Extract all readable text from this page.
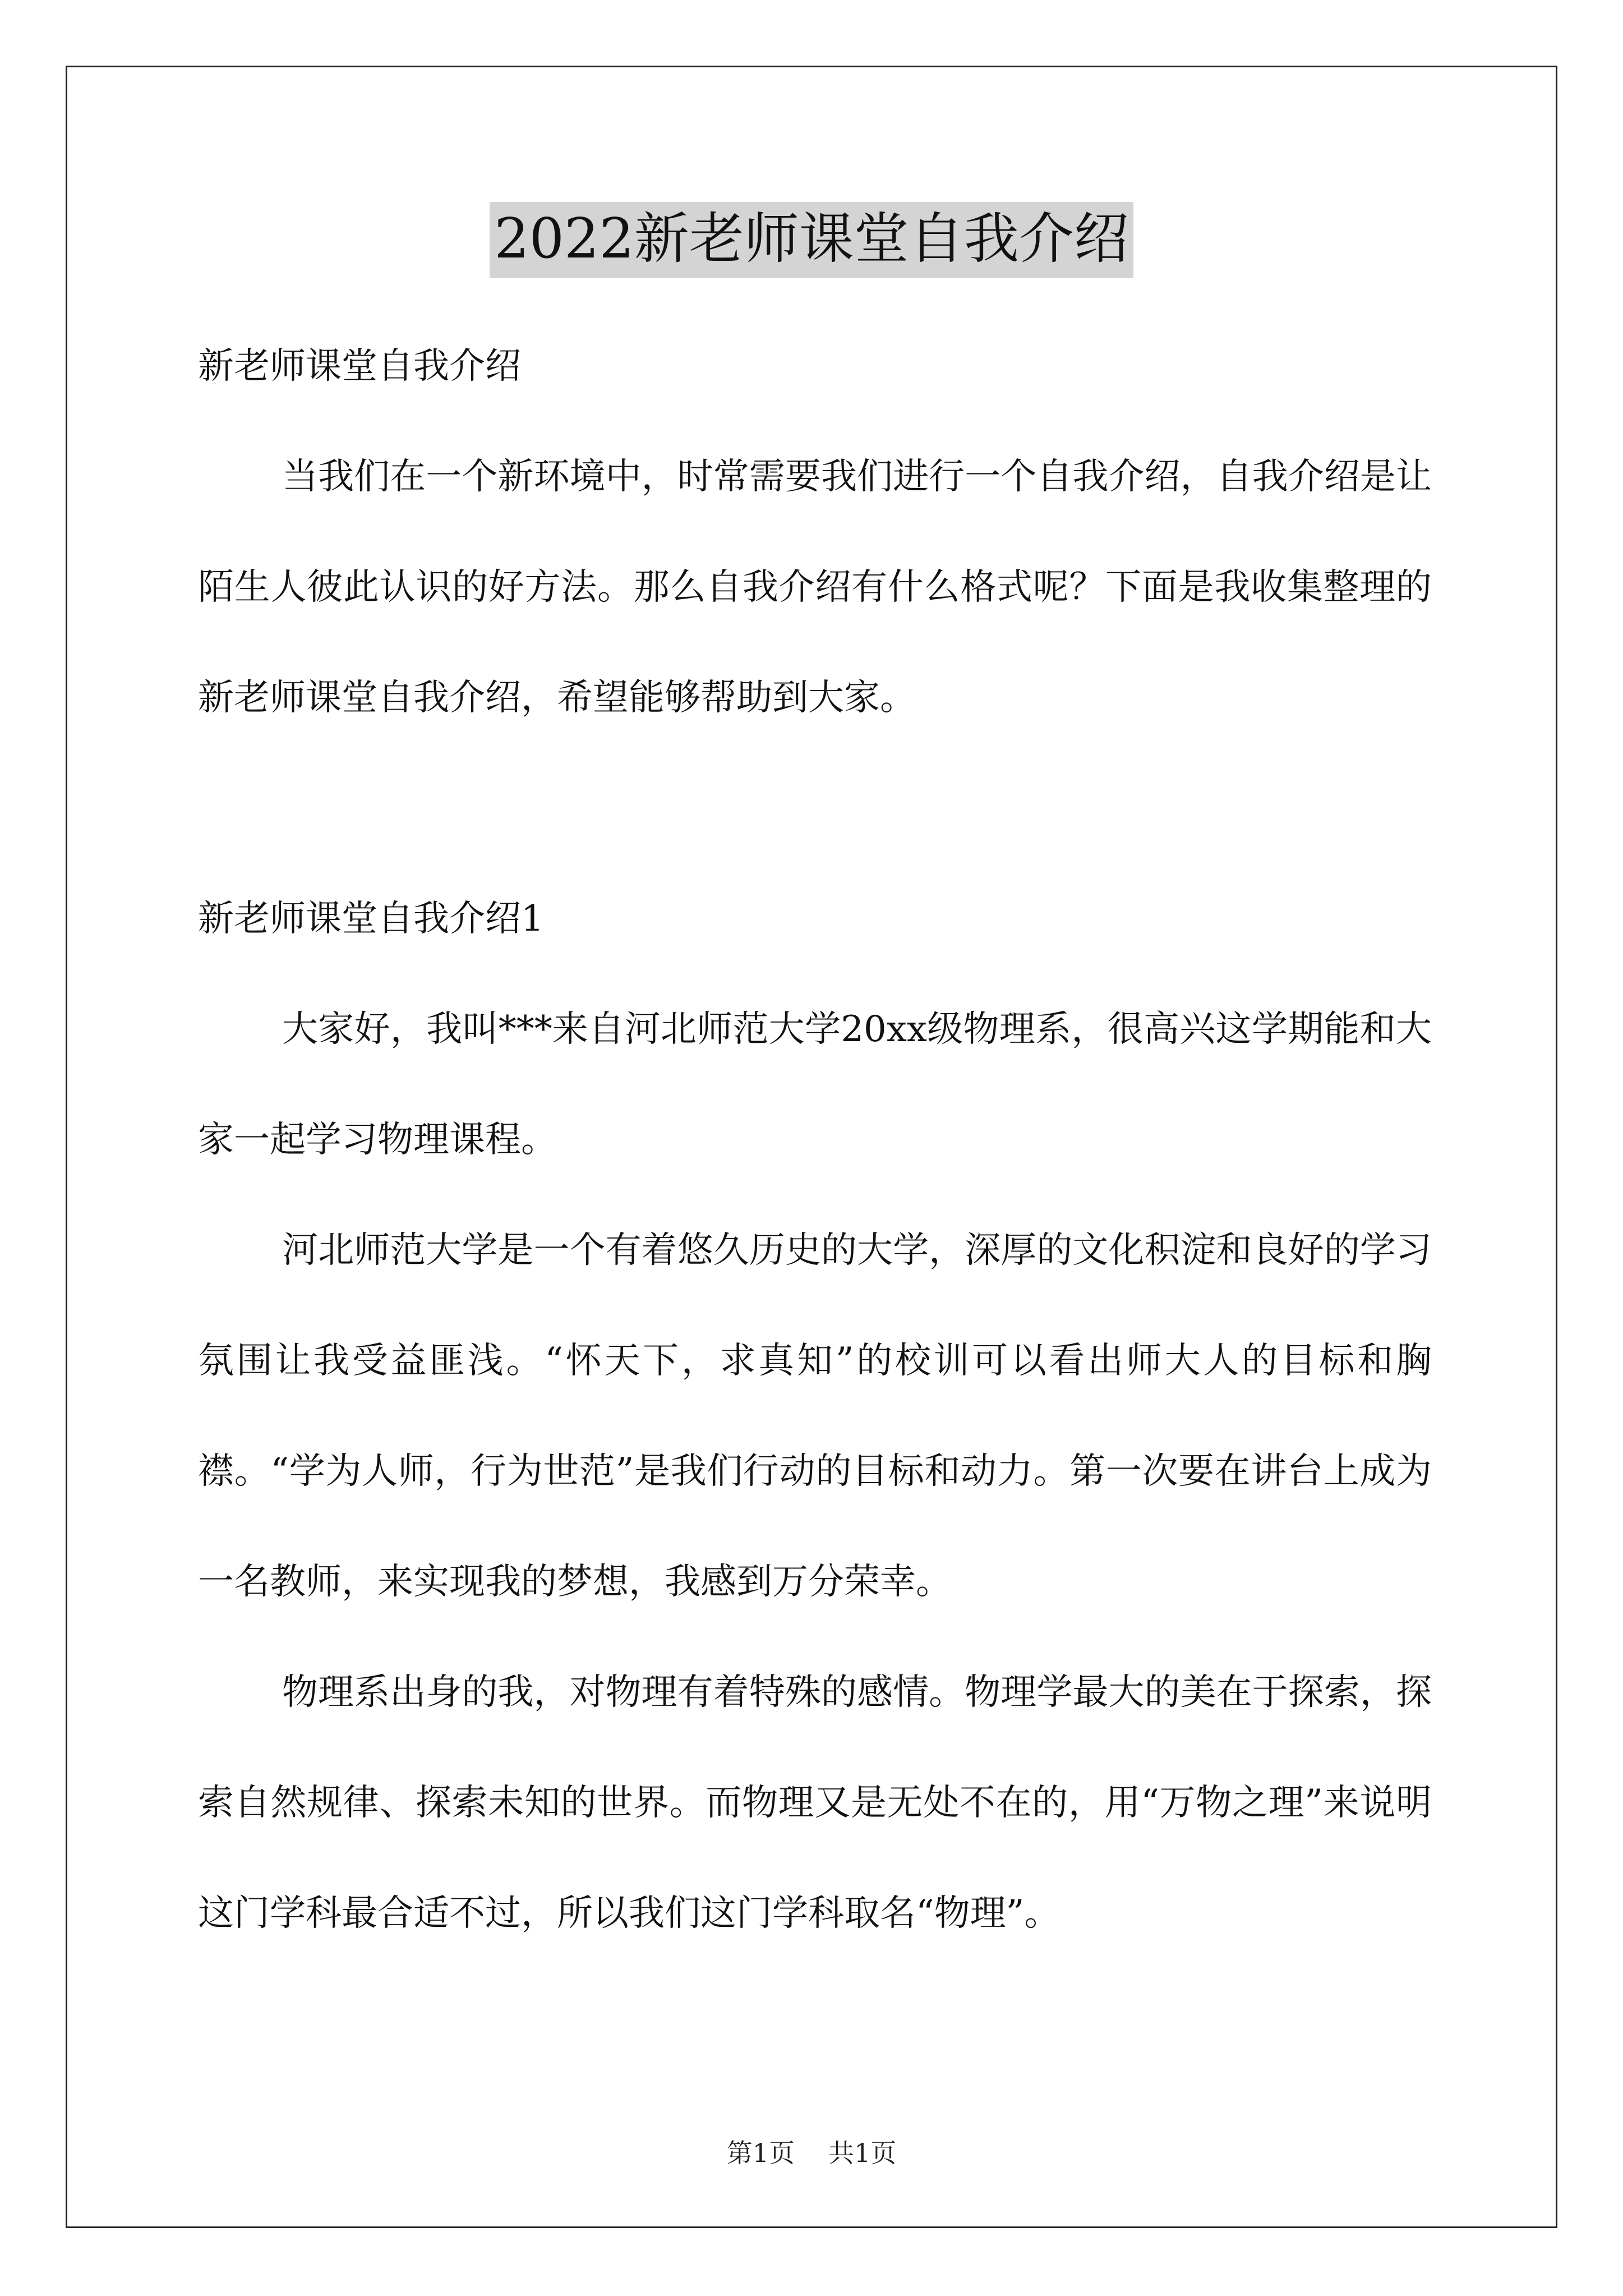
2022新老师课堂自我介绍

新老师课堂自我介绍

当我们在一个新环境中，时常需要我们进行一个自我介绍，自我介绍是让陌生人彼此认识的好方法。那么自我介绍有什么格式呢？下面是我收集整理的新老师课堂自我介绍，希望能够帮助到大家。

新老师课堂自我介绍1

大家好，我叫***来自河北师范大学20xx级物理系，很高兴这学期能和大家一起学习物理课程。

河北师范大学是一个有着悠久历史的大学，深厚的文化积淀和良好的学习氛围让我受益匪浅。“怀天下，求真知”的校训可以看出师大人的目标和胸襟。“学为人师，行为世范”是我们行动的目标和动力。第一次要在讲台上成为一名教师，来实现我的梦想，我感到万分荣幸。

物理系出身的我，对物理有着特殊的感情。物理学最大的美在于探索，探索自然规律、探索未知的世界。而物理又是无处不在的，用“万物之理”来说明这门学科最合适不过，所以我们这门学科取名“物理”。

第1页 共1页
